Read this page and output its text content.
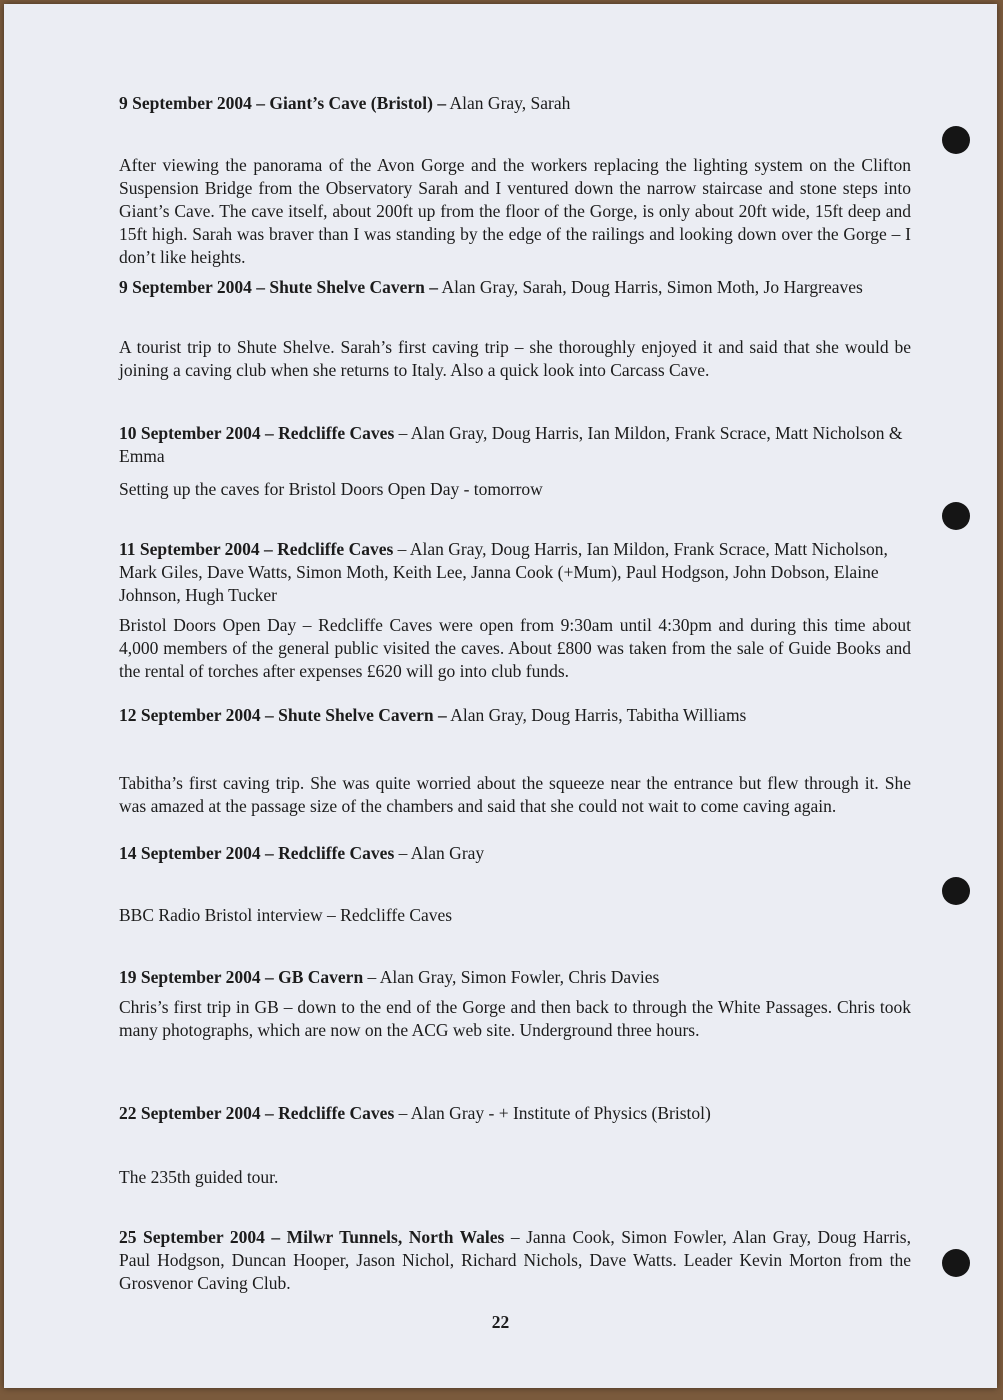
9 September 2004 – Giant’s Cave (Bristol) – Alan Gray, Sarah
After viewing the panorama of the Avon Gorge and the workers replacing the lighting system on the Clifton Suspension Bridge from the Observatory Sarah and I ventured down the narrow staircase and stone steps into Giant’s Cave. The cave itself, about 200ft up from the floor of the Gorge, is only about 20ft wide, 15ft deep and 15ft high. Sarah was braver than I was standing by the edge of the railings and looking down over the Gorge – I don’t like heights.
9 September 2004 – Shute Shelve Cavern – Alan Gray, Sarah, Doug Harris, Simon Moth, Jo Hargreaves
A tourist trip to Shute Shelve. Sarah’s first caving trip – she thoroughly enjoyed it and said that she would be joining a caving club when she returns to Italy. Also a quick look into Carcass Cave.
10 September 2004 – Redcliffe Caves – Alan Gray, Doug Harris, Ian Mildon, Frank Scrace, Matt Nicholson & Emma
Setting up the caves for Bristol Doors Open Day - tomorrow
11 September 2004 – Redcliffe Caves – Alan Gray, Doug Harris, Ian Mildon, Frank Scrace, Matt Nicholson, Mark Giles, Dave Watts, Simon Moth, Keith Lee, Janna Cook (+Mum), Paul Hodgson, John Dobson, Elaine Johnson, Hugh Tucker
Bristol Doors Open Day – Redcliffe Caves were open from 9:30am until 4:30pm and during this time about 4,000 members of the general public visited the caves. About £800 was taken from the sale of Guide Books and the rental of torches after expenses £620 will go into club funds.
12 September 2004 – Shute Shelve Cavern – Alan Gray, Doug Harris, Tabitha Williams
Tabitha’s first caving trip. She was quite worried about the squeeze near the entrance but flew through it. She was amazed at the passage size of the chambers and said that she could not wait to come caving again.
14 September 2004 – Redcliffe Caves – Alan Gray
BBC Radio Bristol interview – Redcliffe Caves
19 September 2004 – GB Cavern – Alan Gray, Simon Fowler, Chris Davies
Chris’s first trip in GB – down to the end of the Gorge and then back to through the White Passages. Chris took many photographs, which are now on the ACG web site. Underground three hours.
22 September 2004 – Redcliffe Caves – Alan Gray - + Institute of Physics (Bristol)
The 235th guided tour.
25 September 2004 – Milwr Tunnels, North Wales – Janna Cook, Simon Fowler, Alan Gray, Doug Harris, Paul Hodgson, Duncan Hooper, Jason Nichol, Richard Nichols, Dave Watts. Leader Kevin Morton from the Grosvenor Caving Club.
22
